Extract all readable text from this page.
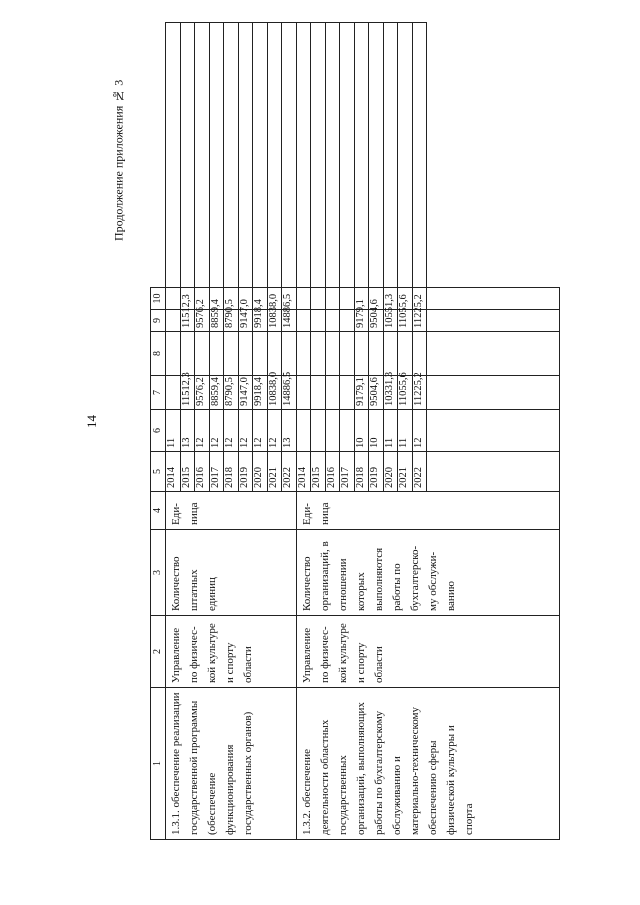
14
Продолжение приложения № 3
1	2	3	4	5	6	7	8	9	10	
1.3.1. обеспечение реализации государственной программы (обеспечение функционирования государственных органов)	Управление по физичес-кой культуре и спорту области	Количество штатных единиц	Еди-ница	2014	11					
				2015	13	11512,3		11512,3		
				2016	12	9576,2		9576,2		
				2017	12	8859,4		8859,4		
				2018	12	8790,5		8790,5		
				2019	12	9147,0		9147,0		
				2020	12	9918,4		9918,4		
				2021	12	10838,0		10838,0		
				2022	13	14886,5		14886,5		
1.3.2. обеспечение деятельности областных государственных организаций, выполняющих работы по бухгалтерскому обслуживанию и материально-техническому обеспечению сферы физической культуры и спорта	Управление по физичес-кой культуре и спорту области	Количество организаций, в отношении которых выполняются работы по бухгалтерско-му обслужи-ванию	Еди-ница	2014						
				2015						
				2016						
				2017						
				2018	10	9179,1		9179,1		
				2019	10	9504,6		9504,6		
				2020	11	10331,3		10551,3		
				2021	11	11055,6		11055,6		
				2022	12	11225,2		11225,2		
